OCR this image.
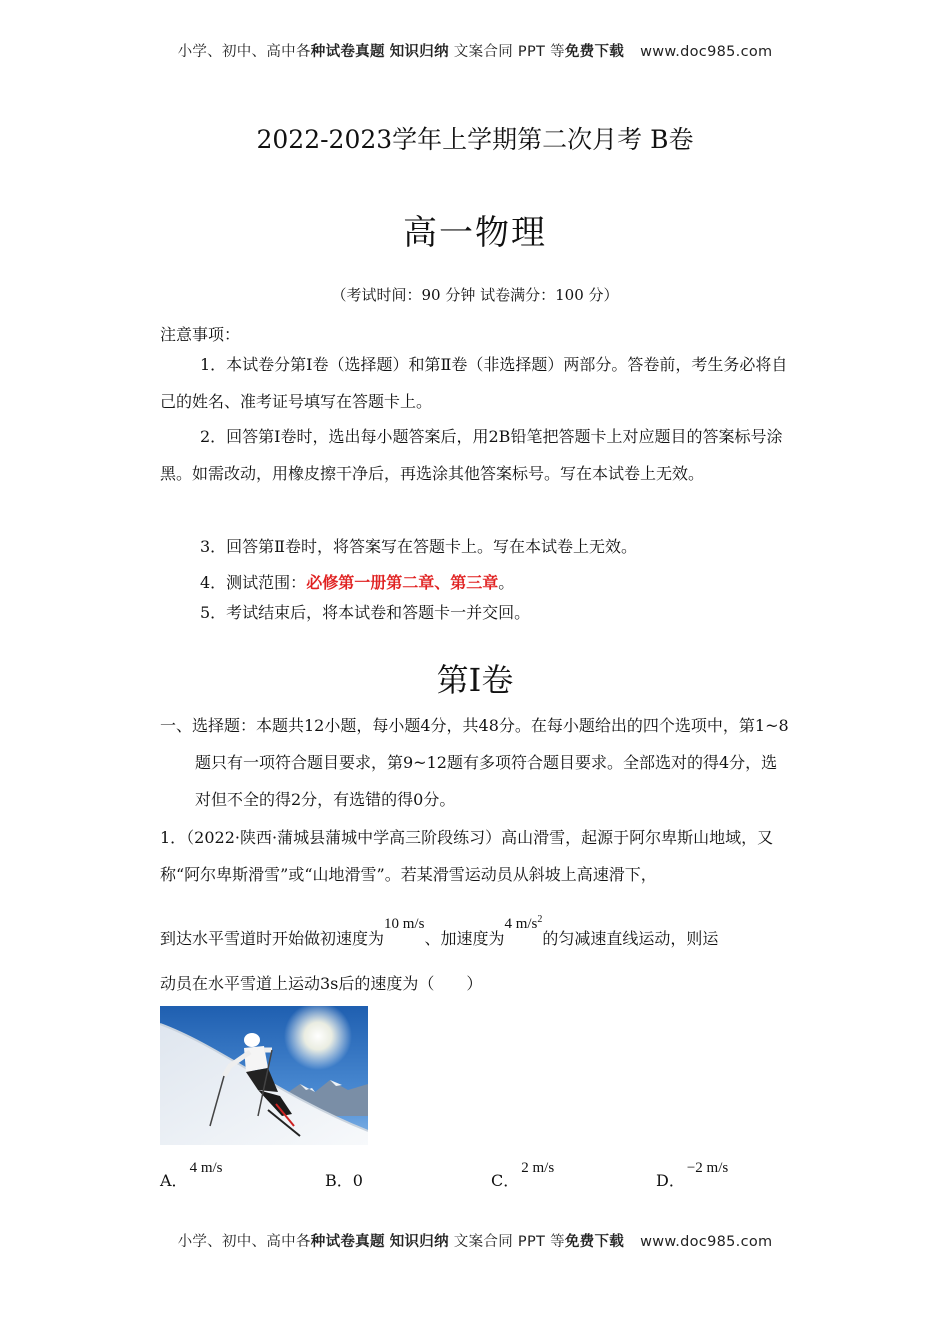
小学、初中、高中各种试卷真题 知识归纳 文案合同 PPT 等免费下载 www.doc985.com
2022-2023学年上学期第二次月考 B卷
高一物理
（考试时间：90 分钟 试卷满分：100 分）
注意事项：
1．本试卷分第Ⅰ卷（选择题）和第Ⅱ卷（非选择题）两部分。答卷前，考生务必将自己的姓名、准考证号填写在答题卡上。
2．回答第Ⅰ卷时，选出每小题答案后，用2B铅笔把答题卡上对应题目的答案标号涂黑。如需改动，用橡皮擦干净后，再选涂其他答案标号。写在本试卷上无效。
3．回答第Ⅱ卷时，将答案写在答题卡上。写在本试卷上无效。
4．测试范围：必修第一册第二章、第三章。
5．考试结束后，将本试卷和答题卡一并交回。
第Ⅰ卷
一、选择题：本题共12小题，每小题4分，共48分。在每小题给出的四个选项中，第1~8题只有一项符合题目要求，第9~12题有多项符合题目要求。全部选对的得4分，选对但不全的得2分，有选错的得0分。
1．（2022·陕西·蒲城县蒲城中学高三阶段练习）高山滑雪，起源于阿尔卑斯山地域，又称“阿尔卑斯滑雪”或“山地滑雪”。若某滑雪运动员从斜坡上高速滑下，
到达水平雪道时开始做初速度为10 m/s、加速度为4 $m/s^2$的匀减速直线运动，则运
动员在水平雪道上运动3s后的速度为（　　）
A．4 m/s
B．0	C．2 m/s
D．−2 m/s
小学、初中、高中各种试卷真题 知识归纳 文案合同 PPT 等免费下载 www.doc985.com
